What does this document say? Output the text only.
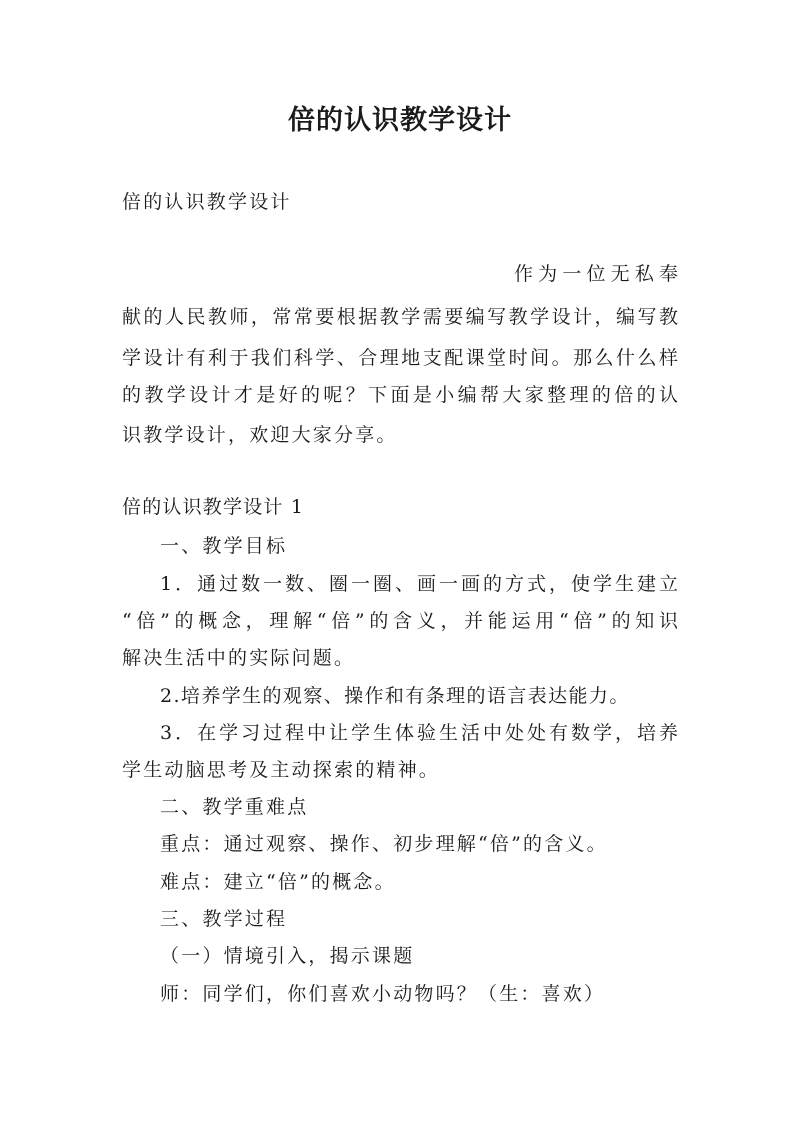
倍的认识教学设计
倍的认识教学设计
作为一位无私奉
献的人民教师，常常要根据教学需要编写教学设计，编写教
学设计有利于我们科学、合理地支配课堂时间。那么什么样
的教学设计才是好的呢？下面是小编帮大家整理的倍的认
识教学设计，欢迎大家分享。
倍的认识教学设计 1
一、教学目标
1．通过数一数、圈一圈、画一画的方式，使学生建立
“倍”的概念，理解“倍”的含义，并能运用“倍”的知识
解决生活中的实际问题。
2.培养学生的观察、操作和有条理的语言表达能力。
3．在学习过程中让学生体验生活中处处有数学，培养
学生动脑思考及主动探索的精神。
二、教学重难点
重点：通过观察、操作、初步理解“倍”的含义。
难点：建立“倍”的概念。
三、教学过程
（一）情境引入，揭示课题
师：同学们，你们喜欢小动物吗？（生：喜欢）
